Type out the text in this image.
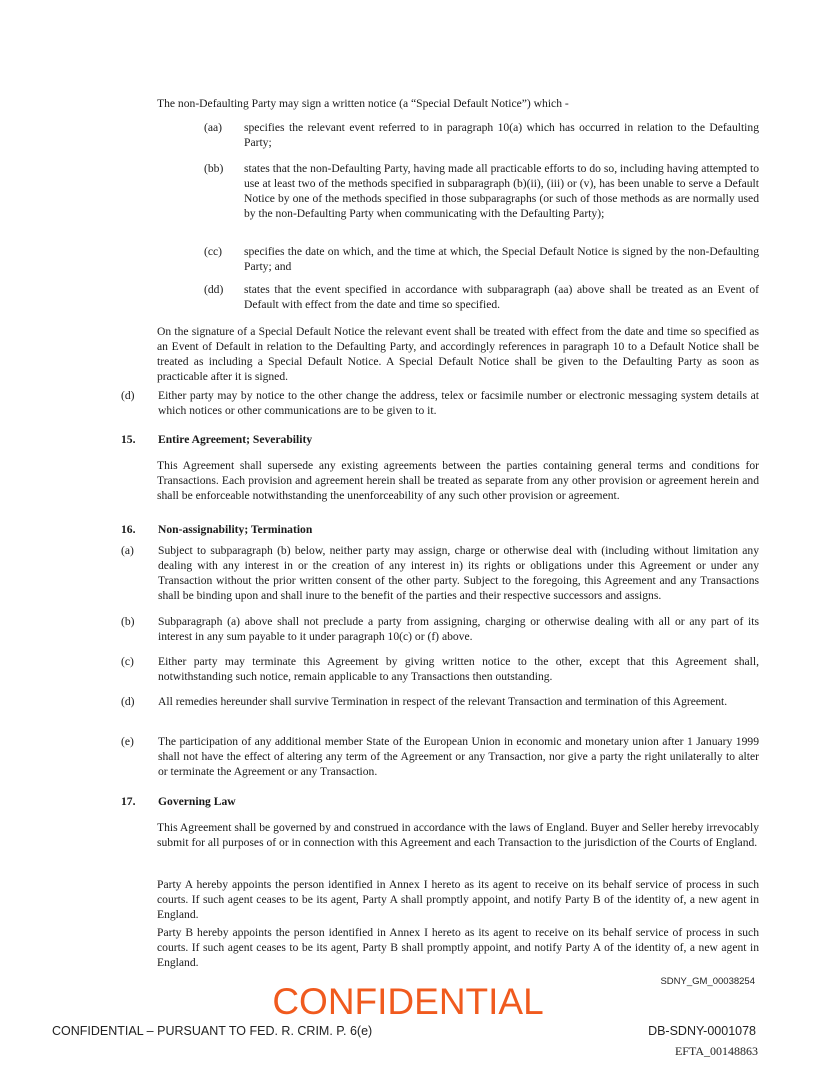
The non-Defaulting Party may sign a written notice (a “Special Default Notice”) which -

(aa) specifies the relevant event referred to in paragraph 10(a) which has occurred in relation to the Defaulting Party;

(bb) states that the non-Defaulting Party, having made all practicable efforts to do so, including having attempted to use at least two of the methods specified in subparagraph (b)(ii), (iii) or (v), has been unable to serve a Default Notice by one of the methods specified in those subparagraphs (or such of those methods as are normally used by the non-Defaulting Party when communicating with the Defaulting Party);

(cc) specifies the date on which, and the time at which, the Special Default Notice is signed by the non-Defaulting Party; and

(dd) states that the event specified in accordance with subparagraph (aa) above shall be treated as an Event of Default with effect from the date and time so specified.

On the signature of a Special Default Notice the relevant event shall be treated with effect from the date and time so specified as an Event of Default in relation to the Defaulting Party, and accordingly references in paragraph 10 to a Default Notice shall be treated as including a Special Default Notice. A Special Default Notice shall be given to the Defaulting Party as soon as practicable after it is signed.

(d) Either party may by notice to the other change the address, telex or facsimile number or electronic messaging system details at which notices or other communications are to be given to it.

15. Entire Agreement; Severability

This Agreement shall supersede any existing agreements between the parties containing general terms and conditions for Transactions. Each provision and agreement herein shall be treated as separate from any other provision or agreement herein and shall be enforceable notwithstanding the unenforceability of any such other provision or agreement.

16. Non-assignability; Termination
(a) Subject to subparagraph (b) below, neither party may assign, charge or otherwise deal with (including without limitation any dealing with any interest in or the creation of any interest in) its rights or obligations under this Agreement or under any Transaction without the prior written consent of the other party. Subject to the foregoing, this Agreement and any Transactions shall be binding upon and shall inure to the benefit of the parties and their respective successors and assigns.

(b) Subparagraph (a) above shall not preclude a party from assigning, charging or otherwise dealing with all or any part of its interest in any sum payable to it under paragraph 10(c) or (f) above.

(c) Either party may terminate this Agreement by giving written notice to the other, except that this Agreement shall, notwithstanding such notice, remain applicable to any Transactions then outstanding.

(d) All remedies hereunder shall survive Termination in respect of the relevant Transaction and termination of this Agreement.

(e) The participation of any additional member State of the European Union in economic and monetary union after 1 January 1999 shall not have the effect of altering any term of the Agreement or any Transaction, nor give a party the right unilaterally to alter or terminate the Agreement or any Transaction.

17. Governing Law

This Agreement shall be governed by and construed in accordance with the laws of England. Buyer and Seller hereby irrevocably submit for all purposes of or in connection with this Agreement and each Transaction to the jurisdiction of the Courts of England.

Party A hereby appoints the person identified in Annex I hereto as its agent to receive on its behalf service of process in such courts. If such agent ceases to be its agent, Party A shall promptly appoint, and notify Party B of the identity of, a new agent in England.

Party B hereby appoints the person identified in Annex I hereto as its agent to receive on its behalf service of process in such courts. If such agent ceases to be its agent, Party B shall promptly appoint, and notify Party A of the identity of, a new agent in England.

SDNY_GM_00038254
CONFIDENTIAL
CONFIDENTIAL – PURSUANT TO FED. R. CRIM. P. 6(e)	DB-SDNY-0001078
EFTA_00148863
